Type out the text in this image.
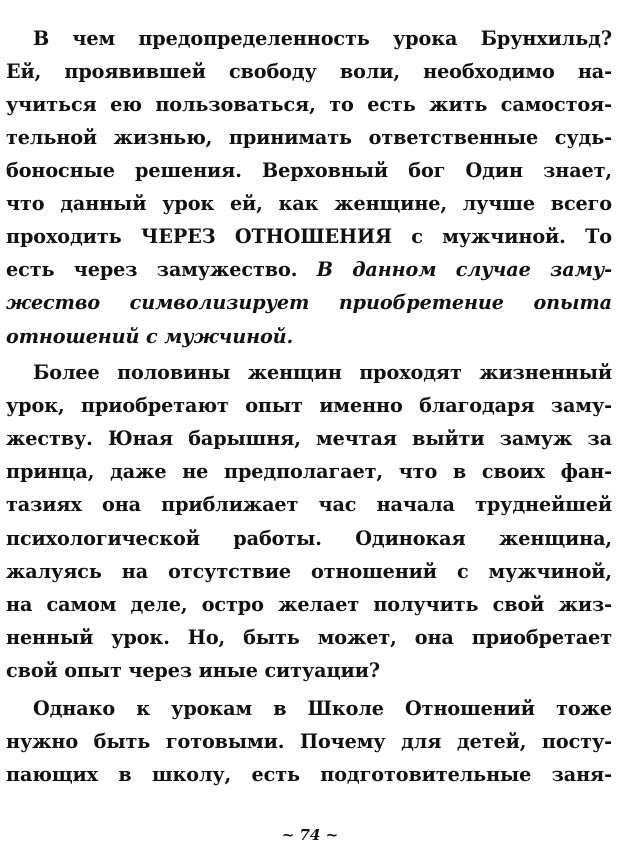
В чем предопределенность урока Брунхильд?
Ей, проявившей свободу воли, необходимо на-
учиться ею пользоваться, то есть жить самостоя-
тельной жизнью, принимать ответственные судь-
боносные решения. Верховный бог Один знает,
что данный урок ей, как женщине, лучше всего
проходить ЧЕРЕЗ ОТНОШЕНИЯ с мужчиной. То
есть через замужество. В данном случае заму-
жество символизирует приобретение опыта
отношений с мужчиной.
Более половины женщин проходят жизненный
урок, приобретают опыт именно благодаря заму-
жеству. Юная барышня, мечтая выйти замуж за
принца, даже не предполагает, что в своих фан-
тазиях она приближает час начала труднейшей
психологической работы. Одинокая женщина,
жалуясь на отсутствие отношений с мужчиной,
на самом деле, остро желает получить свой жиз-
ненный урок. Но, быть может, она приобретает
свой опыт через иные ситуации?
Однако к урокам в Школе Отношений тоже
нужно быть готовыми. Почему для детей, посту-
пающих в школу, есть подготовительные заня-
~ 74 ~
